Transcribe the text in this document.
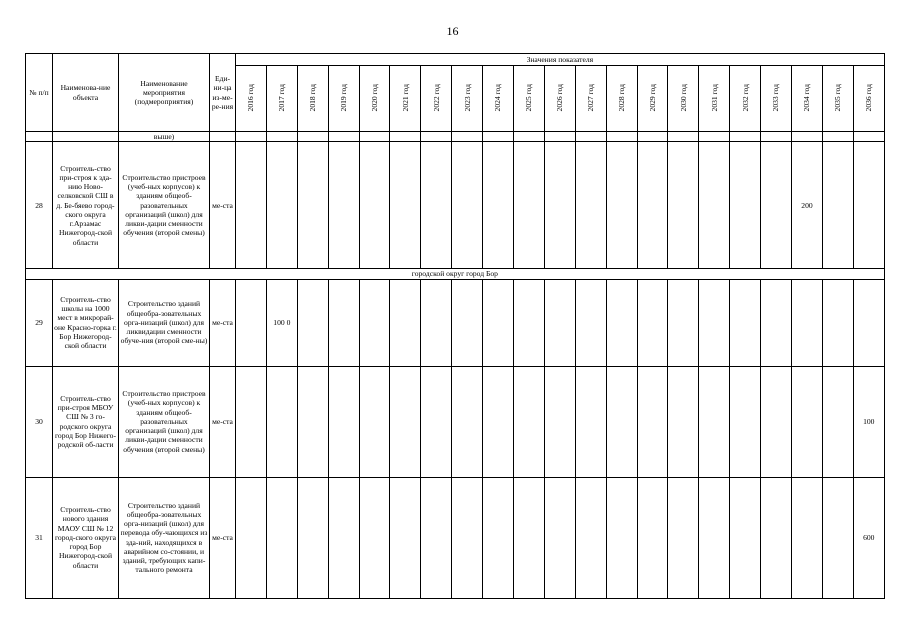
16
№ п/п	Наименова-ние объекта	Наименование мероприятия (подмероприятия)	Еди-ни-ца из-ме-ре-ния	Значения показателя																				
				2016 год	2017 год	2018 год	2019 год	2020 год	2021 год	2022 год	2023 год	2024 год	2025 год	2026 год	2027 год	2028 год	2029 год	2030 год	2031 год	2032 год	2033 год	2034 год	2035 год	2036 год
		выше)																						
28	Строитель-ство при-строя к зда-нию Ново-селковской СШ в д. Бе-бяево город-ского округа г.Арзамас Нижегород-ской области	Строительство пристроев (учеб-ных корпусов) к зданиям общеоб-разовательных организаций (школ) для ликви-дации сменности обучения (второй смены)	ме-ста																			200		
городской округ город Бор																								
29	Строитель-ство школы на 1000 мест в микрорай-оне Красно-горка г. Бор Нижегород-ской области	Строительство зданий общеобра-зовательных орга-низаций (школ) для ликвидации сменности обуче-ния (второй сме-ны)	ме-ста		100 0																			
30	Строитель-ство при-строя МБОУ СШ № 3 го-родского округа город Бор Нижего-родской об-ласти	Строительство пристроев (учеб-ных корпусов) к зданиям общеоб-разовательных организаций (школ) для ликви-дации сменности обучения (второй смены)	ме-ста																					100
31	Строитель-ство нового здания МАОУ СШ № 12 город-ского округа город Бор Нижегород-ской области	Строительство зданий общеобра-зовательных орга-низаций (школ) для перевода обу-чающихся из зда-ний, находящихся в аварийном со-стоянии, и зданий, требующих капи-тального ремонта	ме-ста																					600
